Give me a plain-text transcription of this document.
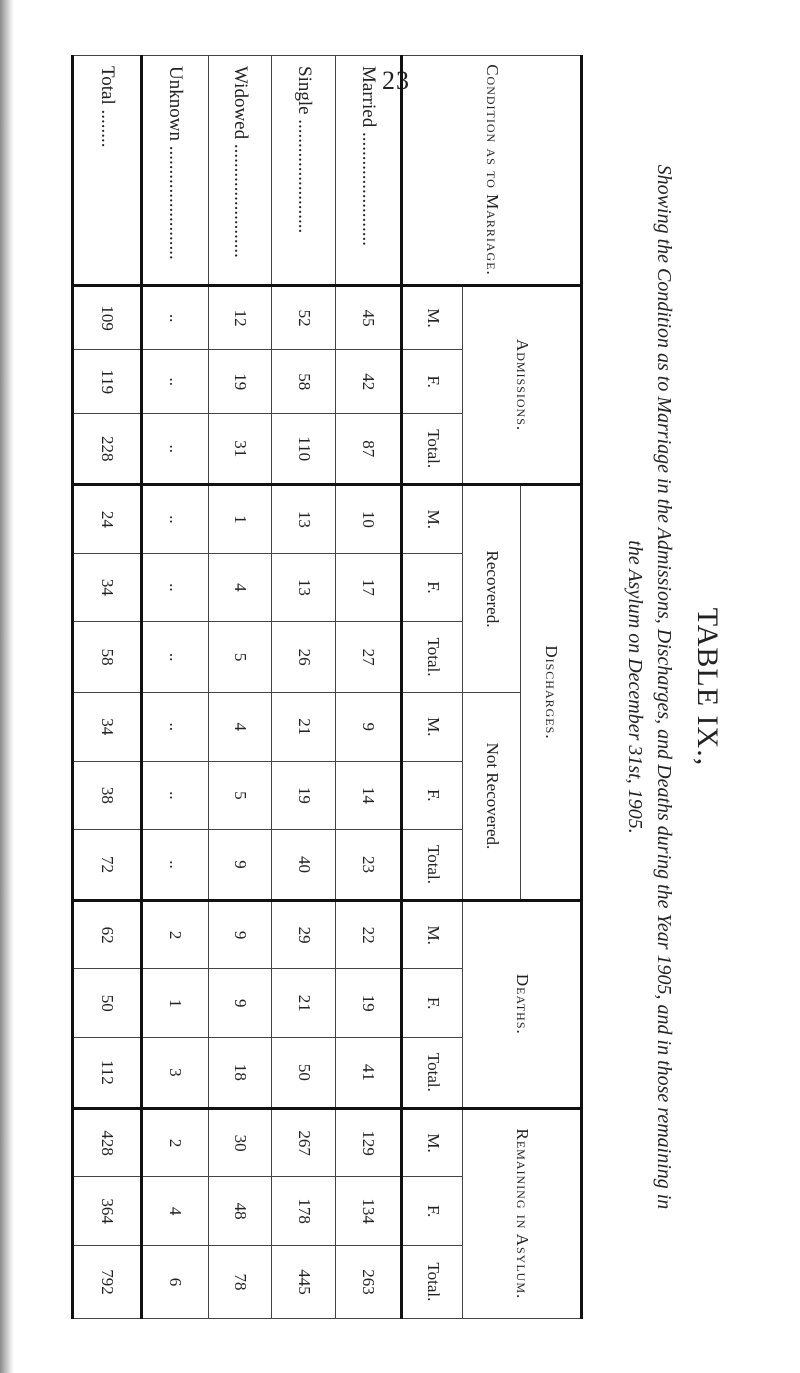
23
TABLE IX.,
Showing the Condition as to Marriage in the Admissions, Discharges, and Deaths during the Year 1905, and in those remaining in
the Asylum on December 31st, 1905.
Condition as to Marriage.	Admissions.			Discharges.						Deaths.			Remaining in Asylum.		
				Recovered.			Not Recovered.								
	M.	F.	Total.	M.	F.	Total.	M.	F.	Total.	M.	F.	Total.	M.	F.	Total.
Married ........................	45	42	87	10	17	27	9	14	23	22	19	41	129	134	263
Single ........................	52	58	110	13	13	26	21	19	40	29	21	50	267	178	445
Widowed ........................	12	19	31	1	4	5	4	5	9	9	9	18	30	48	78
Unknown ........................	..	..	..	..	..	..	..	..	..	2	1	3	2	4	6
Total ........	109	119	228	24	34	58	34	38	72	62	50	112	428	364	792
